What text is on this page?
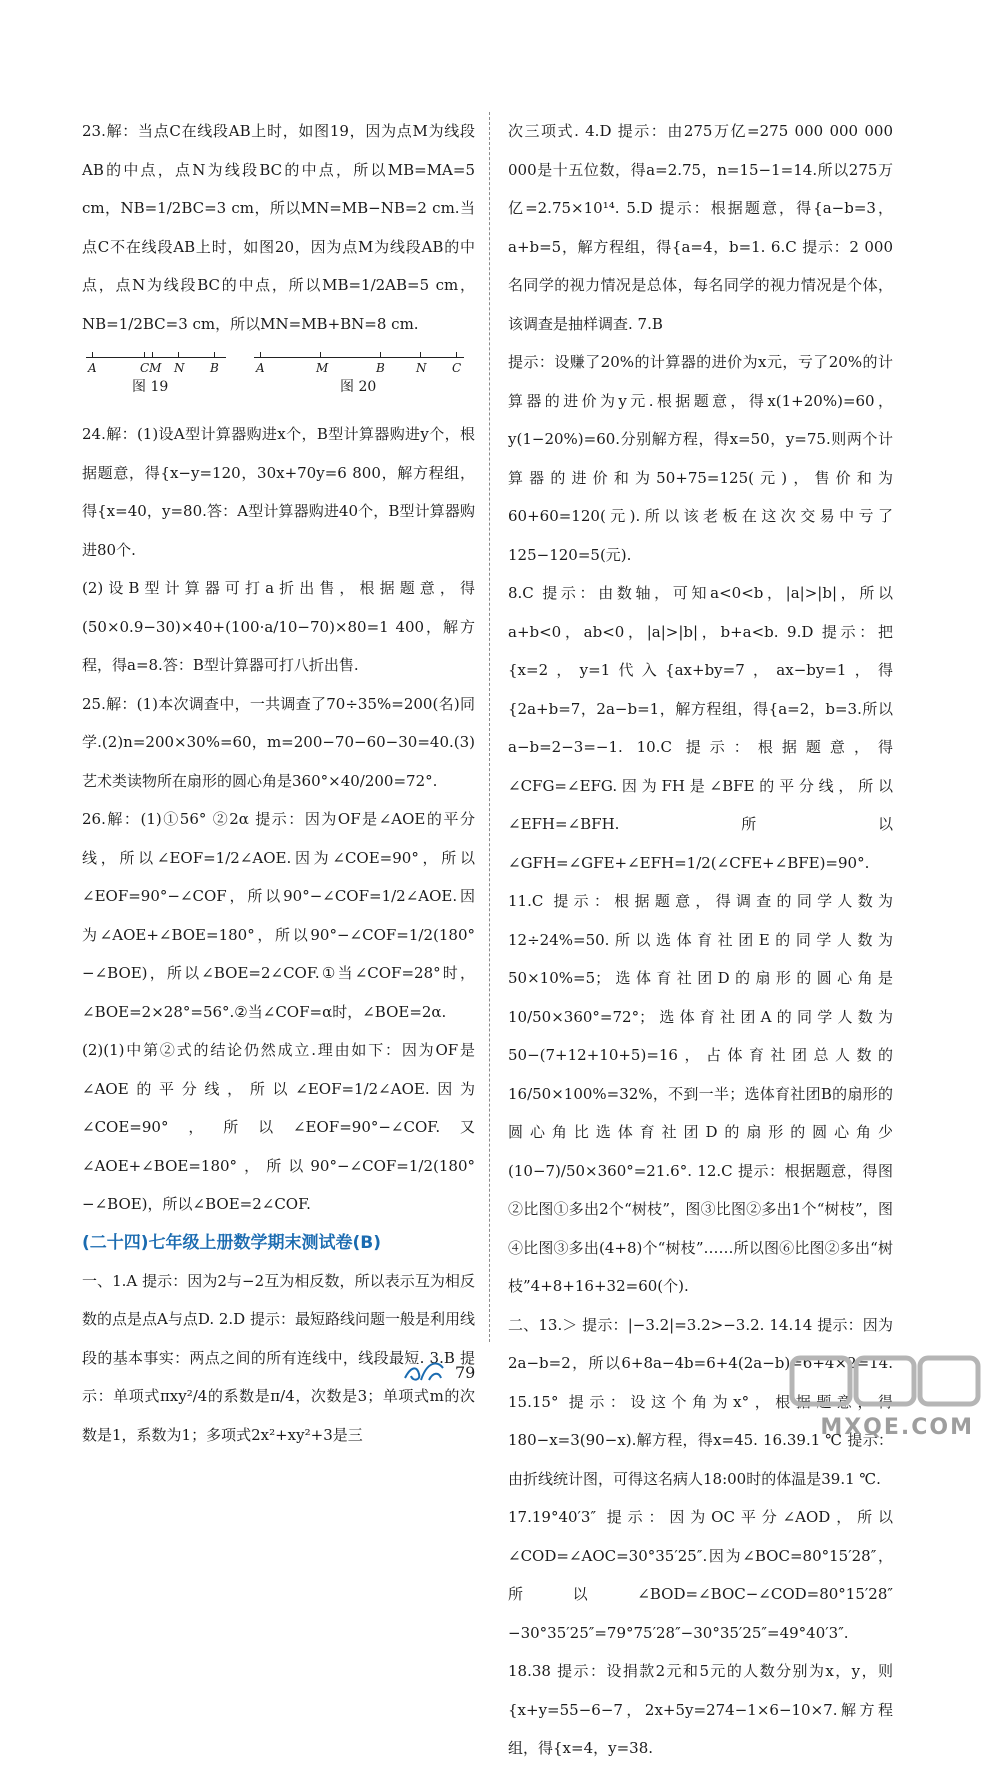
23.解：当点C在线段AB上时，如图19，因为点M为线段AB的中点，点N为线段BC的中点，所以MB=MA=5 cm，NB=1/2BC=3 cm，所以MN=MB−NB=2 cm.当点C不在线段AB上时，如图20，因为点M为线段AB的中点，点N为线段BC的中点，所以MB=1/2AB=5 cm，NB=1/2BC=3 cm，所以MN=MB+BN=8 cm.

A	CM N B
图 19
A	M	B	N C
图 20

24.解：(1)设A型计算器购进x个，B型计算器购进y个，根据题意，得{x−y=120，30x+70y=6 800，解方程组，得{x=40，y=80.答：A型计算器购进40个，B型计算器购进80个.

(2)设B型计算器可打a折出售，根据题意，得(50×0.9−30)×40+(100·a/10−70)×80=1 400，解方程，得a=8.答：B型计算器可打八折出售.

25.解：(1)本次调查中，一共调查了70÷35%=200(名)同学.(2)n=200×30%=60，m=200−70−60−30=40.(3)艺术类读物所在扇形的圆心角是360°×40/200=72°.

26.解：(1)①56° ②2α 提示：因为OF是∠AOE的平分线，所以∠EOF=1/2∠AOE.因为∠COE=90°，所以∠EOF=90°−∠COF，所以90°−∠COF=1/2∠AOE.因为∠AOE+∠BOE=180°，所以90°−∠COF=1/2(180°−∠BOE)，所以∠BOE=2∠COF.①当∠COF=28°时，∠BOE=2×28°=56°.②当∠COF=α时，∠BOE=2α.

(2)(1)中第②式的结论仍然成立.理由如下：因为OF是∠AOE的平分线，所以∠EOF=1/2∠AOE.因为∠COE=90°，所以∠EOF=90°−∠COF.又∠AOE+∠BOE=180°，所以90°−∠COF=1/2(180°−∠BOE)，所以∠BOE=2∠COF.

(二十四)七年级上册数学期末测试卷(B)

一、1.A 提示：因为2与−2互为相反数，所以表示互为相反数的点是点A与点D. 2.D 提示：最短路线问题一般是利用线段的基本事实：两点之间的所有连线中，线段最短. 3.B 提示：单项式πxy²/4的系数是π/4，次数是3；单项式m的次数是1，系数为1；多项式2x²+xy²+3是三

次三项式. 4.D 提示：由275万亿=275 000 000 000 000是十五位数，得a=2.75，n=15−1=14.所以275万亿=2.75×10¹⁴. 5.D 提示：根据题意，得{a−b=3，a+b=5，解方程组，得{a=4，b=1. 6.C 提示：2 000名同学的视力情况是总体，每名同学的视力情况是个体，该调查是抽样调查. 7.B

提示：设赚了20%的计算器的进价为x元，亏了20%的计算器的进价为y元.根据题意，得x(1+20%)=60，y(1−20%)=60.分别解方程，得x=50，y=75.则两个计算器的进价和为50+75=125(元)，售价和为60+60=120(元).所以该老板在这次交易中亏了125−120=5(元).

8.C 提示：由数轴，可知a<0<b，|a|>|b|，所以a+b<0，ab<0，|a|>|b|，b+a<b. 9.D 提示：把{x=2，y=1代入{ax+by=7，ax−by=1，得{2a+b=7，2a−b=1，解方程组，得{a=2，b=3.所以a−b=2−3=−1. 10.C 提示：根据题意，得∠CFG=∠EFG.因为FH是∠BFE的平分线，所以∠EFH=∠BFH.所以∠GFH=∠GFE+∠EFH=1/2(∠CFE+∠BFE)=90°. 11.C 提示：根据题意，得调查的同学人数为12÷24%=50.所以选体育社团E的同学人数为50×10%=5；选体育社团D的扇形的圆心角是10/50×360°=72°；选体育社团A的同学人数为50−(7+12+10+5)=16，占体育社团总人数的16/50×100%=32%，不到一半；选体育社团B的扇形的圆心角比选体育社团D的扇形的圆心角少(10−7)/50×360°=21.6°. 12.C 提示：根据题意，得图②比图①多出2个“树枝”，图③比图②多出1个“树枝”，图④比图③多出(4+8)个“树枝”……所以图⑥比图②多出“树枝”4+8+16+32=60(个).

二、13.＞ 提示：|−3.2|=3.2>−3.2. 14.14 提示：因为2a−b=2，所以6+8a−4b=6+4(2a−b)=6+4×2=14. 15.15° 提示：设这个角为x°，根据题意，得180−x=3(90−x).解方程，得x=45. 16.39.1 ℃ 提示：由折线统计图，可得这名病人18:00时的体温是39.1 ℃.

17.19°40′3″ 提示：因为OC平分∠AOD，所以∠COD=∠AOC=30°35′25″.因为∠BOC=80°15′28″，所以∠BOD=∠BOC−∠COD=80°15′28″−30°35′25″=79°75′28″−30°35′25″=49°40′3″. 18.38 提示：设捐款2元和5元的人数分别为x，y，则{x+y=55−6−7，2x+5y=274−1×6−10×7.解方程组，得{x=4，y=38.

79
MXQE.COM
